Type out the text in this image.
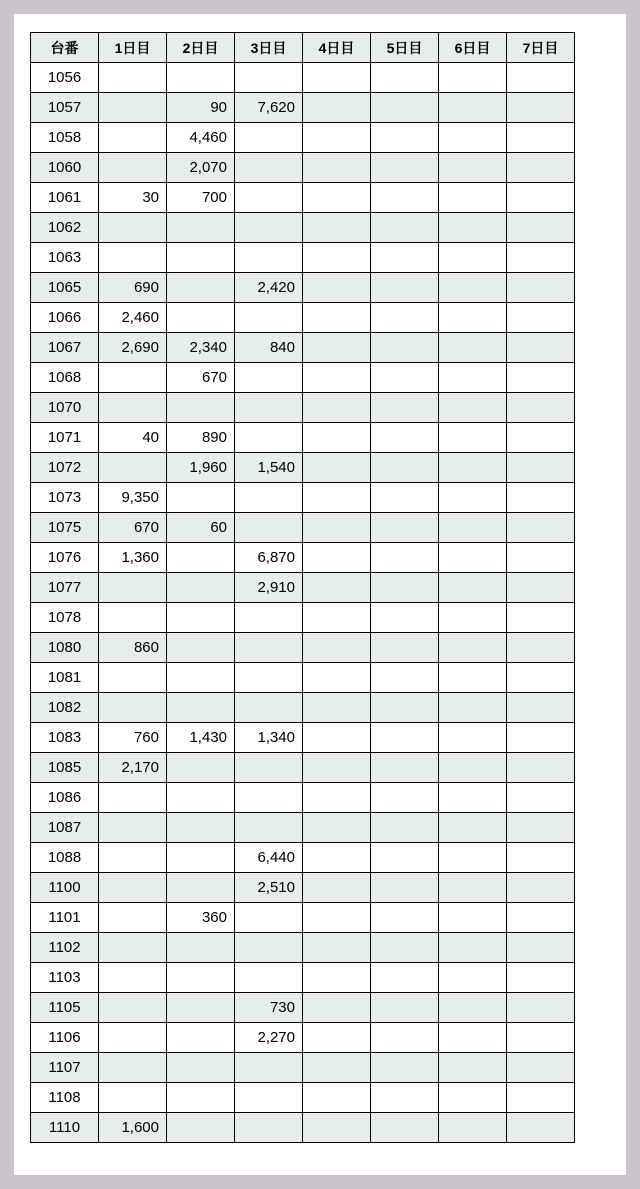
台番	1日目	2日目	3日目	4日目	5日目	6日目	7日目
1056							
1057		90	7,620				
1058		4,460					
1060		2,070					
1061	30	700					
1062							
1063							
1065	690		2,420				
1066	2,460						
1067	2,690	2,340	840				
1068		670					
1070							
1071	40	890					
1072		1,960	1,540				
1073	9,350						
1075	670	60					
1076	1,360		6,870				
1077			2,910				
1078							
1080	860						
1081							
1082							
1083	760	1,430	1,340				
1085	2,170						
1086							
1087							
1088			6,440				
1100			2,510				
1101		360					
1102							
1103							
1105			730				
1106			2,270				
1107							
1108							
1110	1,600						
